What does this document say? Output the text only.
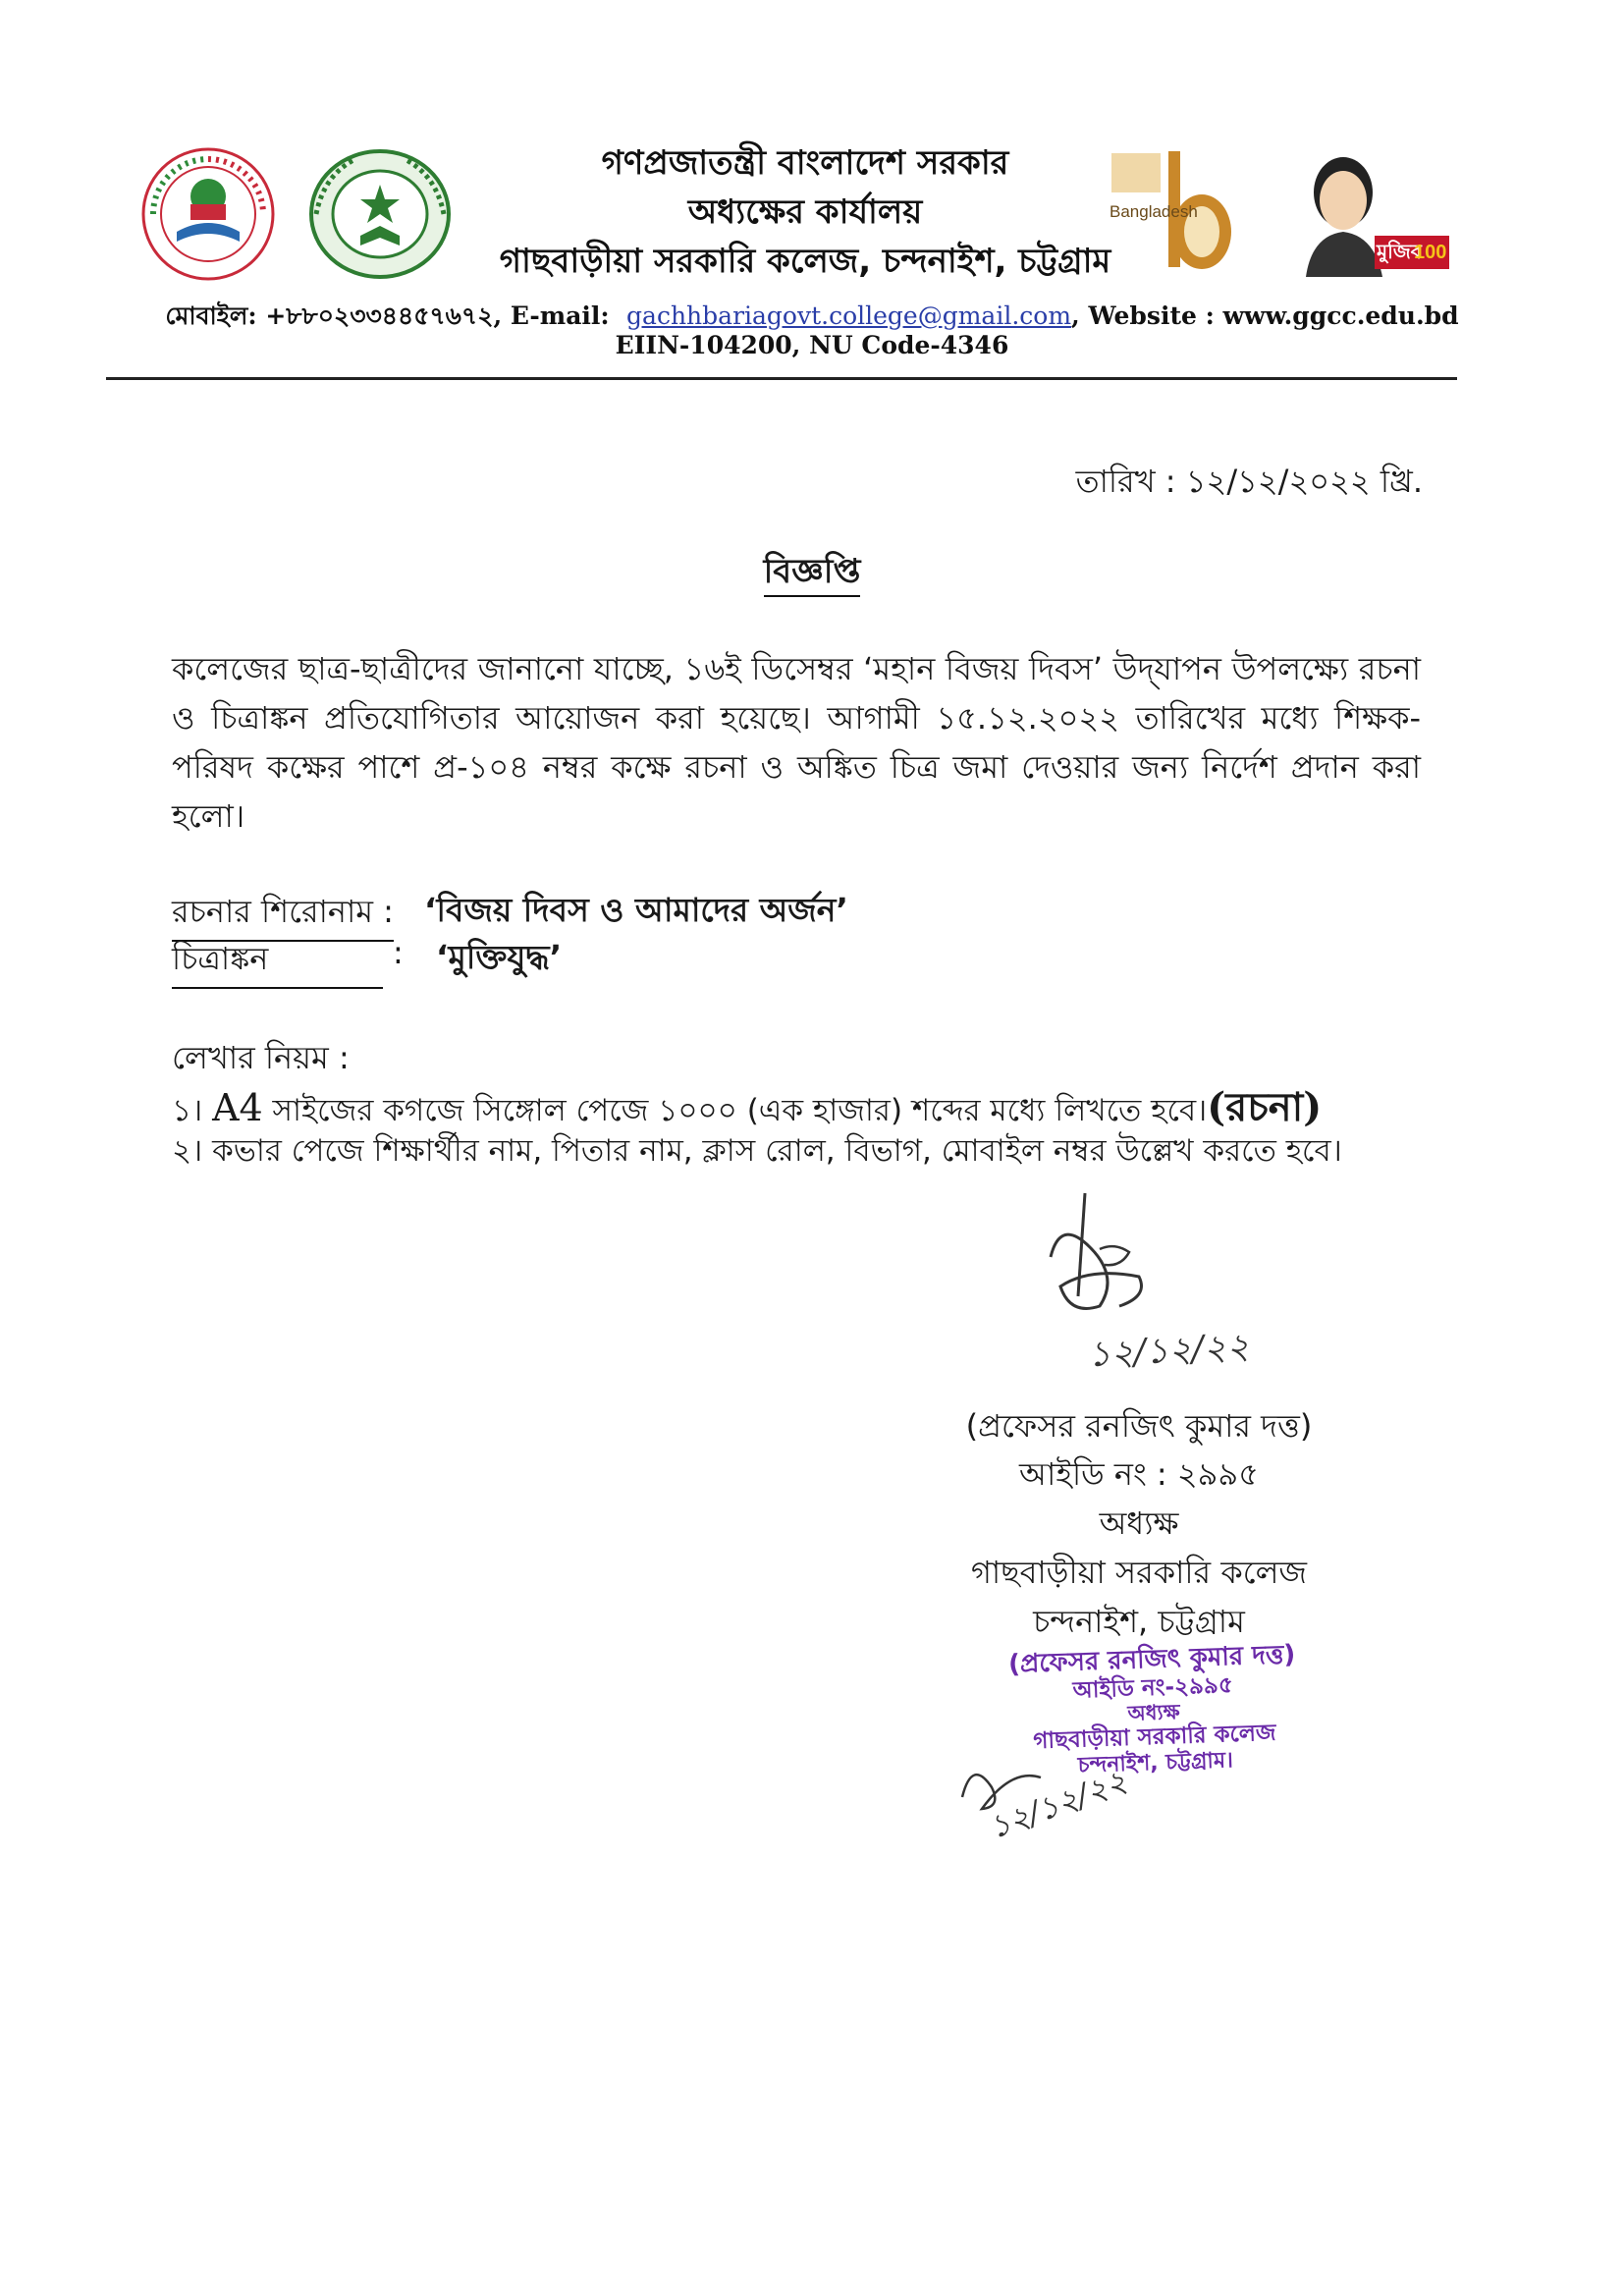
Bangladesh
মুজিব
100
গণপ্রজাতন্ত্রী বাংলাদেশ সরকার
অধ্যক্ষের কার্যালয়
গাছবাড়ীয়া সরকারি কলেজ, চন্দনাইশ, চট্টগ্রাম
মোবাইল: +৮৮০২৩৩৪৪৫৭৬৭২, E-mail: gachhbariagovt.college@gmail.com, Website : www.ggcc.edu.bd
EIIN-104200, NU Code-4346
তারিখ : ১২/১২/২০২২ খ্রি.
বিজ্ঞপ্তি
কলেজের ছাত্র-ছাত্রীদের জানানো যাচ্ছে, ১৬ই ডিসেম্বর ‘মহান বিজয় দিবস’ উদ্‌যাপন উপলক্ষ্যে রচনা
ও চিত্রাঙ্কন প্রতিযোগিতার আয়োজন করা হয়েছে। আগামী ১৫.১২.২০২২ তারিখের মধ্যে শিক্ষক-
পরিষদ কক্ষের পাশে প্র-১০৪ নম্বর কক্ষে রচনা ও অঙ্কিত চিত্র জমা দেওয়ার জন্য নির্দেশ প্রদান করা
হলো।
রচনার শিরোনাম : ‘বিজয় দিবস ও আমাদের অর্জন’
চিত্রাঙ্কন	: ‘মুক্তিযুদ্ধ’
লেখার নিয়ম :
১। A4 সাইজের কগজে সিঙ্গোল পেজে ১০০০ (এক হাজার) শব্দের মধ্যে লিখতে হবে।(রচনা)
২। কভার পেজে শিক্ষার্থীর নাম, পিতার নাম, ক্লাস রোল, বিভাগ, মোবাইল নম্বর উল্লেখ করতে হবে।
১২/১২/২২
(প্রফেসর রনজিৎ কুমার দত্ত)
আইডি নং : ২৯৯৫
অধ্যক্ষ
গাছবাড়ীয়া সরকারি কলেজ
চন্দনাইশ, চট্টগ্রাম
(প্রফেসর রনজিৎ কুমার দত্ত)
আইডি নং-২৯৯৫
অধ্যক্ষ
গাছবাড়ীয়া সরকারি কলেজ
চন্দনাইশ, চট্টগ্রাম।
১২/১২/২২
